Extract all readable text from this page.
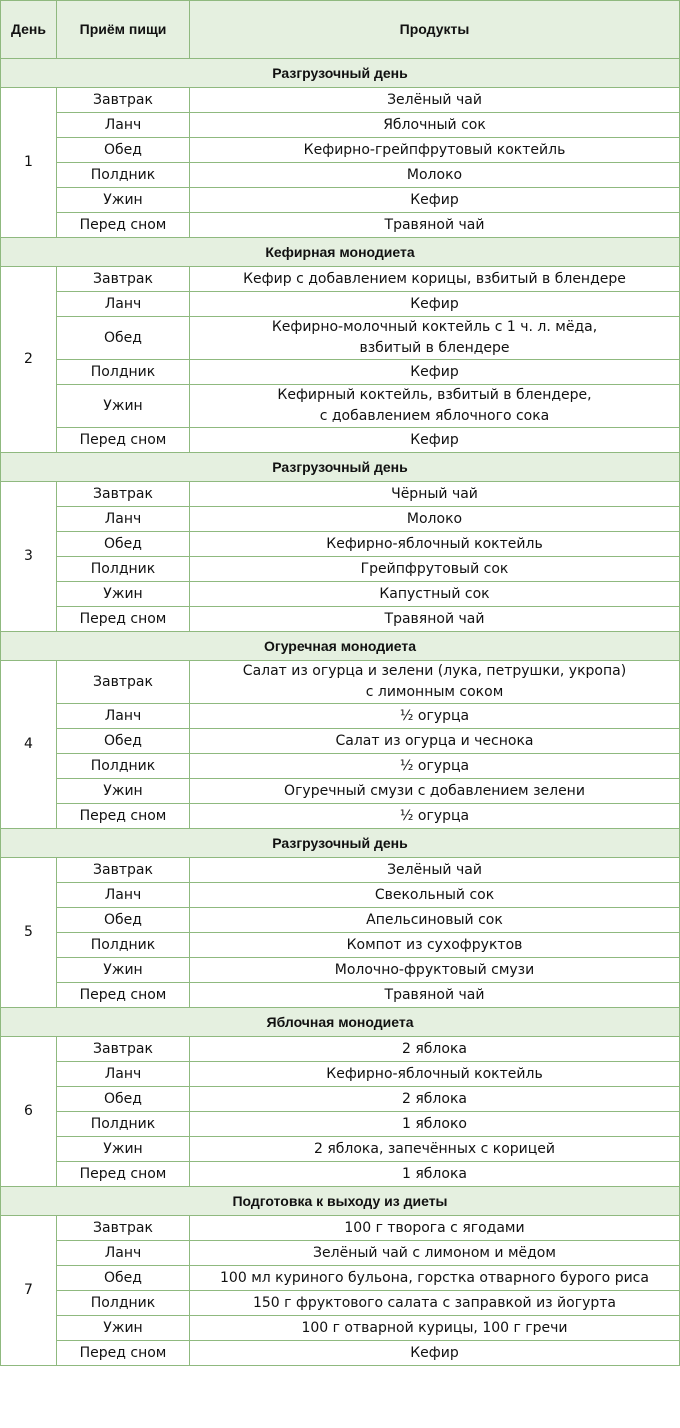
День	Приём пищи	Продукты
Разгрузочный день		
1	Завтрак	Зелёный чай
	Ланч	Яблочный сок
	Обед	Кефирно-грейпфрутовый коктейль
	Полдник	Молоко
	Ужин	Кефир
	Перед сном	Травяной чай
Кефирная монодиета		
2	Завтрак	Кефир с добавлением корицы, взбитый в блендере
	Ланч	Кефир
	Обед	Кефирно-молочный коктейль с 1 ч. л. мёда,
взбитый в блендере
	Полдник	Кефир
	Ужин	Кефирный коктейль, взбитый в блендере,
с добавлением яблочного сока
	Перед сном	Кефир
Разгрузочный день		
3	Завтрак	Чёрный чай
	Ланч	Молоко
	Обед	Кефирно-яблочный коктейль
	Полдник	Грейпфрутовый сок
	Ужин	Капустный сок
	Перед сном	Травяной чай
Огуречная монодиета		
4	Завтрак	Салат из огурца и зелени (лука, петрушки, укропа)
с лимонным соком
	Ланч	½ огурца
	Обед	Салат из огурца и чеснока
	Полдник	½ огурца
	Ужин	Огуречный смузи с добавлением зелени
	Перед сном	½ огурца
Разгрузочный день		
5	Завтрак	Зелёный чай
	Ланч	Свекольный сок
	Обед	Апельсиновый сок
	Полдник	Компот из сухофруктов
	Ужин	Молочно-фруктовый смузи
	Перед сном	Травяной чай
Яблочная монодиета		
6	Завтрак	2 яблока
	Ланч	Кефирно-яблочный коктейль
	Обед	2 яблока
	Полдник	1 яблоко
	Ужин	2 яблока, запечённых с корицей
	Перед сном	1 яблока
Подготовка к выходу из диеты		
7	Завтрак	100 г творога с ягодами
	Ланч	Зелёный чай с лимоном и мёдом
	Обед	100 мл куриного бульона, горстка отварного бурого риса
	Полдник	150 г фруктового салата с заправкой из йогурта
	Ужин	100 г отварной курицы, 100 г гречи
	Перед сном	Кефир
